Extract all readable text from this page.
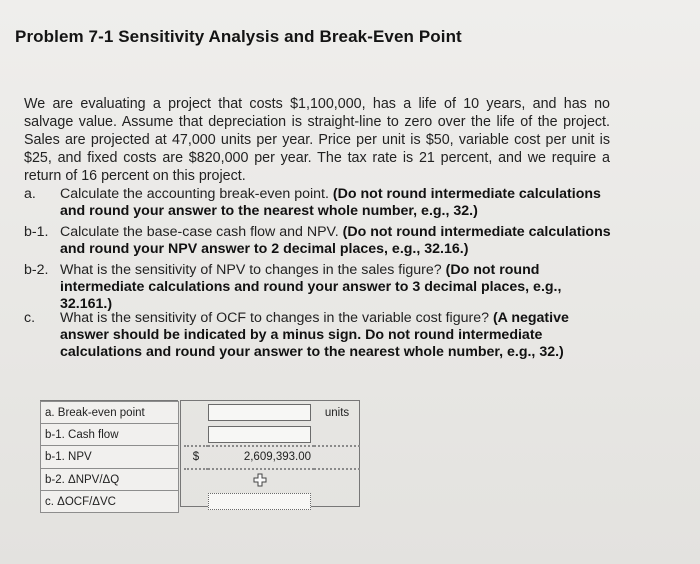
Problem 7-1 Sensitivity Analysis and Break-Even Point
We are evaluating a project that costs $1,100,000, has a life of 10 years, and has no salvage value. Assume that depreciation is straight-line to zero over the life of the project. Sales are projected at 47,000 units per year. Price per unit is $50, variable cost per unit is $25, and fixed costs are $820,000 per year. The tax rate is 21 percent, and we require a return of 16 percent on this project.
a. Calculate the accounting break-even point. (Do not round intermediate calculations and round your answer to the nearest whole number, e.g., 32.)
b-1. Calculate the base-case cash flow and NPV. (Do not round intermediate calculations and round your NPV answer to 2 decimal places, e.g., 32.16.)
b-2. What is the sensitivity of NPV to changes in the sales figure? (Do not round intermediate calculations and round your answer to 3 decimal places, e.g., 32.161.)
c. What is the sensitivity of OCF to changes in the variable cost figure? (A negative answer should be indicated by a minus sign. Do not round intermediate calculations and round your answer to the nearest whole number, e.g., 32.)
a. Break-even point				units
b-1. Cash flow			

b-1. NPV		$	2,609,393.00	
b-2. ΔNPV/ΔQ				
c. ΔOCF/ΔVC			
